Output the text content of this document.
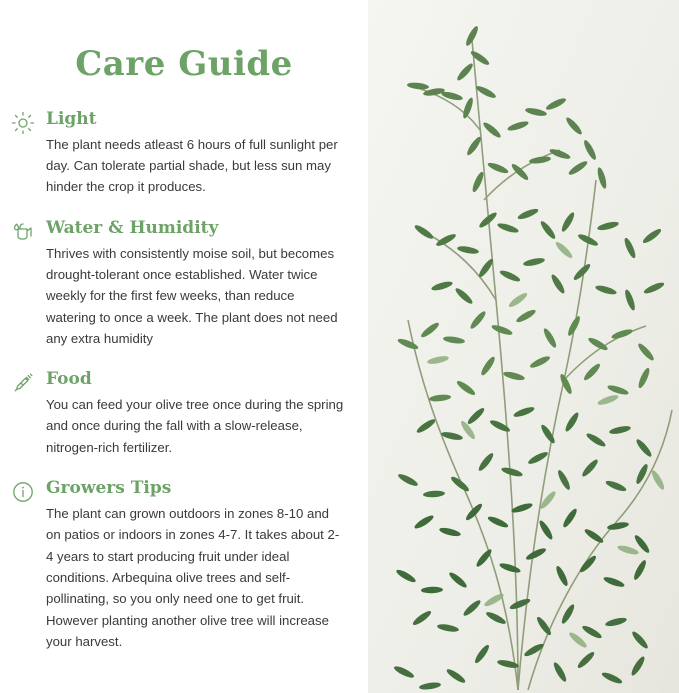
Care Guide
Light

The plant needs atleast 6 hours of full sunlight per day. Can tolerate partial shade, but less sun may hinder the crop it produces.

Water & Humidity

Thrives with consistently moise soil, but becomes drought-tolerant once established. Water twice weekly for the first few weeks, than reduce watering to once a week. The plant does not need any extra humidity

Food

You can feed your olive tree once during the spring and once during the fall with a slow-release, nitrogen-rich fertilizer.

Growers Tips

The plant can grown outdoors in zones 8-10 and on patios or indoors in zones 4-7. It takes about 2-4 years to start producing fruit under ideal conditions. Arbequina olive trees and self-pollinating, so you only need one to get fruit. However planting another olive tree will increase your harvest.
